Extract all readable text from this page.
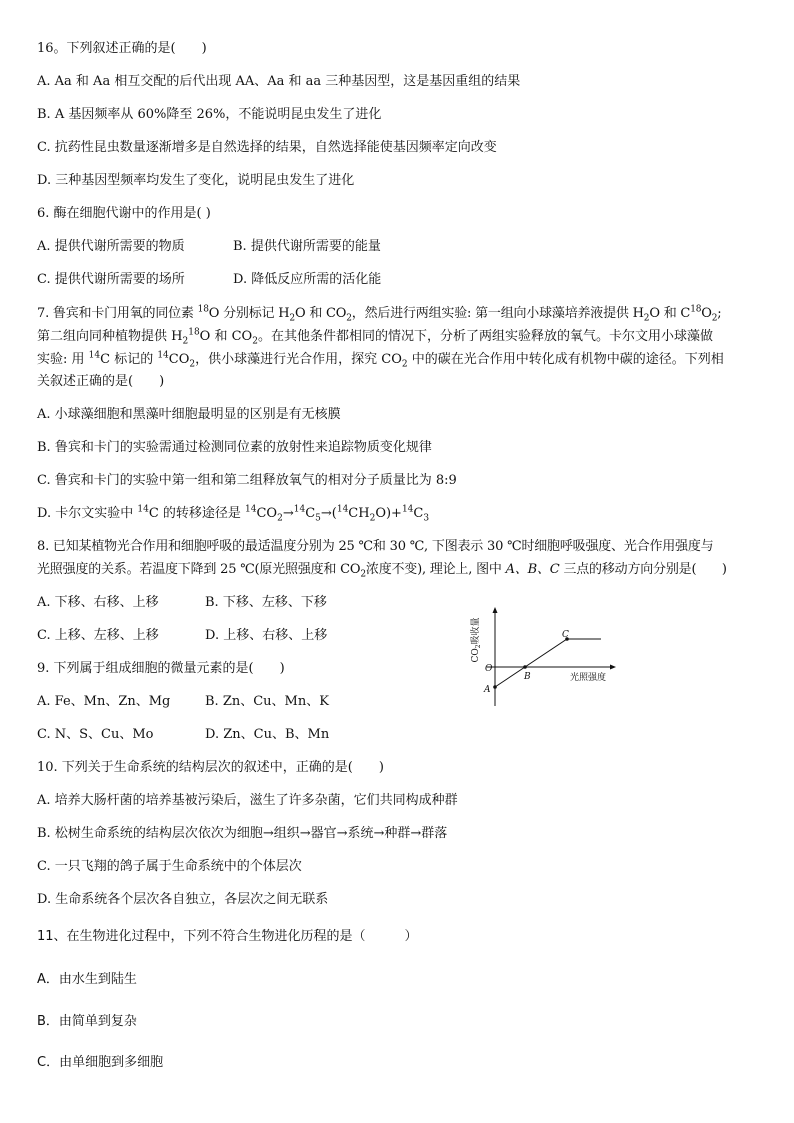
16。下列叙述正确的是(　　)
A. Aa 和 Aa 相互交配的后代出现 AA、Aa 和 aa 三种基因型，这是基因重组的结果
B. A 基因频率从 60%降至 26%，不能说明昆虫发生了进化
C. 抗药性昆虫数量逐渐增多是自然选择的结果，自然选择能使基因频率定向改变
D. 三种基因型频率均发生了变化，说明昆虫发生了进化
6. 酶在细胞代谢中的作用是( )
A. 提供代谢所需要的物质	B. 提供代谢所需要的能量
C. 提供代谢所需要的场所	D. 降低反应所需的活化能
7. 鲁宾和卡门用氧的同位素 $^{18}$O 分别标记 $H_2O$ 和 $CO_2$，然后进行两组实验: 第一组向小球藻培养液提供 $H_2O$ 和 $C^{18}O_2$;
第二组向同种植物提供 $H_2^{18}O$ 和 $CO_2$。在其他条件都相同的情况下，分析了两组实验释放的氧气。卡尔文用小球藻做
实验: 用 $^{14}$C 标记的 $^{14}CO_2$，供小球藻进行光合作用，探究 $CO_2$ 中的碳在光合作用中转化成有机物中碳的途径。下列相
关叙述正确的是(　　)
A. 小球藻细胞和黑藻叶细胞最明显的区别是有无核膜
B. 鲁宾和卡门的实验需通过检测同位素的放射性来追踪物质变化规律
C. 鲁宾和卡门的实验中第一组和第二组释放氧气的相对分子质量比为 8:9
D. 卡尔文实验中 $^{14}$C 的转移途径是 $^{14}CO_2\to^{14}C_5\to(^{14}CH_2O)+^{14}C_3$
8. 已知某植物光合作用和细胞呼吸的最适温度分别为 25 ℃和 30 ℃, 下图表示 30 ℃时细胞呼吸强度、光合作用强度与
光照强度的关系。若温度下降到 25 ℃(原光照强度和 $CO_2$浓度不变), 理论上, 图中 A、B、C 三点的移动方向分别是(　　)
A. 下移、右移、上移	B. 下移、左移、下移
C. 上移、左移、上移	D. 上移、右移、上移
$CO_2$吸收量
光照强度
O
A
B
C
9. 下列属于组成细胞的微量元素的是(　　)
A. Fe、Mn、Zn、Mg	B. Zn、Cu、Mn、K
C. N、S、Cu、Mo	D. Zn、Cu、B、Mn
10. 下列关于生命系统的结构层次的叙述中，正确的是(　　)
A. 培养大肠杆菌的培养基被污染后，滋生了许多杂菌，它们共同构成种群
B. 松树生命系统的结构层次依次为细胞→组织→器官→系统→种群→群落
C. 一只飞翔的鸽子属于生命系统中的个体层次
D. 生命系统各个层次各自独立，各层次之间无联系
11、在生物进化过程中，下列不符合生物进化历程的是（　　　）
A．由水生到陆生
B．由简单到复杂
C．由单细胞到多细胞
